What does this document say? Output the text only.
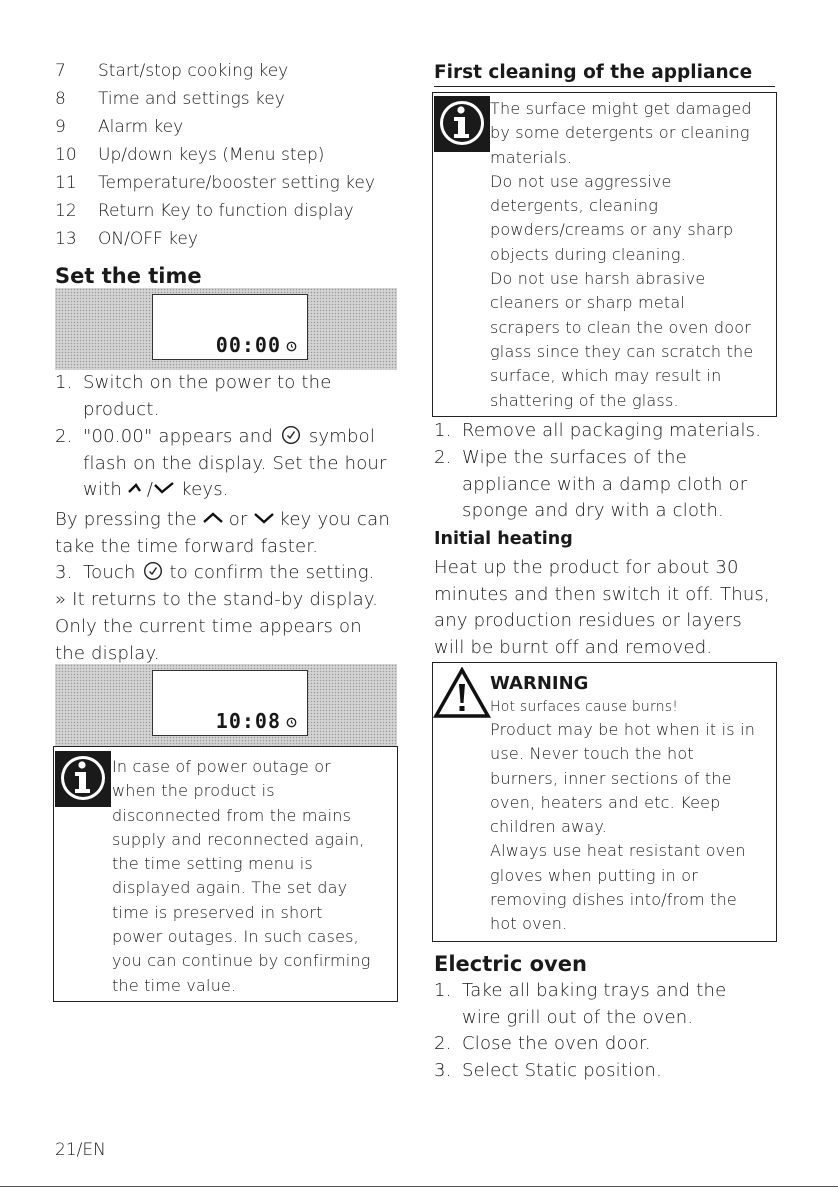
7	Start/stop cooking key
8	Time and settings key
9	Alarm key
10	Up/down keys (Menu step)
11	Temperature/booster setting key
12	Return Key to function display
13	ON/OFF key
Set the time
00:00
1. Switch on the power to the
product.
2. "00.00" appears and symbol
flash on the display. Set the hour
with / keys.
By pressing the or key you can
take the time forward faster.
3. Touch to confirm the setting.
» It returns to the stand-by display.
Only the current time appears on
the display.
10:08
In case of power outage or
when the product is
disconnected from the mains
supply and reconnected again,
the time setting menu is
displayed again. The set day
time is preserved in short
power outages. In such cases,
you can continue by confirming
the time value.
First cleaning of the appliance
The surface might get damaged
by some detergents or cleaning
materials.
Do not use aggressive
detergents, cleaning
powders/creams or any sharp
objects during cleaning.
Do not use harsh abrasive
cleaners or sharp metal
scrapers to clean the oven door
glass since they can scratch the
surface, which may result in
shattering of the glass.
1. Remove all packaging materials.
2. Wipe the surfaces of the
appliance with a damp cloth or
sponge and dry with a cloth.
Initial heating
Heat up the product for about 30
minutes and then switch it off. Thus,
any production residues or layers
will be burnt off and removed.
WARNING
Hot surfaces cause burns!
Product may be hot when it is in
use. Never touch the hot
burners, inner sections of the
oven, heaters and etc. Keep
children away.
Always use heat resistant oven
gloves when putting in or
removing dishes into/from the
hot oven.
Electric oven
1. Take all baking trays and the
wire grill out of the oven.
2. Close the oven door.
3. Select Static position.
21/EN
